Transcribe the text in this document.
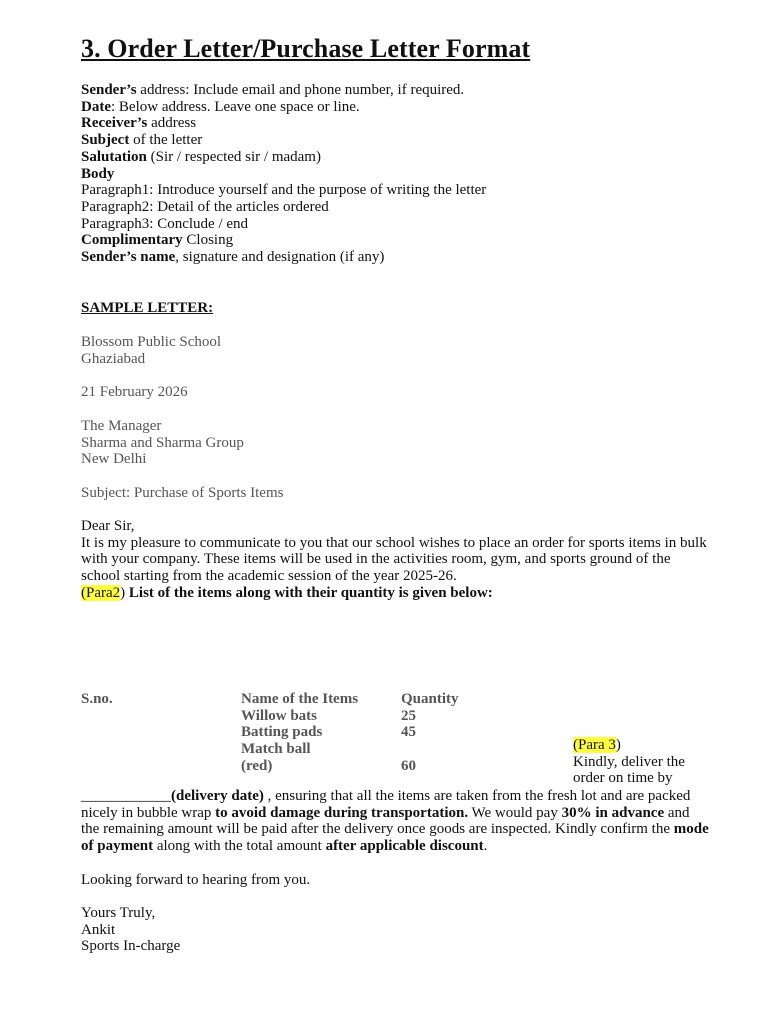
3. Order Letter/Purchase Letter Format
Sender’s address: Include email and phone number, if required.
Date: Below address. Leave one space or line.
Receiver’s address
Subject of the letter
Salutation (Sir / respected sir / madam)
Body
Paragraph1: Introduce yourself and the purpose of writing the letter
Paragraph2: Detail of the articles ordered
Paragraph3: Conclude / end
Complimentary Closing
Sender’s name, signature and designation (if any)
SAMPLE LETTER:
Blossom Public School
Ghaziabad
21 February 2026
The Manager
Sharma and Sharma Group
New Delhi
Subject: Purchase of Sports Items
Dear Sir,
It is my pleasure to communicate to you that our school wishes to place an order for sports items in bulk with your company. These items will be used in the activities room, gym, and sports ground of the school starting from the academic session of the year 2025-26.
(Para2) List of the items along with their quantity is given below:
S.no.	Name of the Items
Willow bats
Batting pads
Match ball
(red)
Quantity
25
45

60
(Para 3)
Kindly, deliver the
order on time by
____________(delivery date) , ensuring that all the items are taken from the fresh lot and are packed nicely in bubble wrap to avoid damage during transportation. We would pay 30% in advance and the remaining amount will be paid after the delivery once goods are inspected. Kindly confirm the mode of payment along with the total amount after applicable discount.
Looking forward to hearing from you.
Yours Truly,
Ankit
Sports In-charge
